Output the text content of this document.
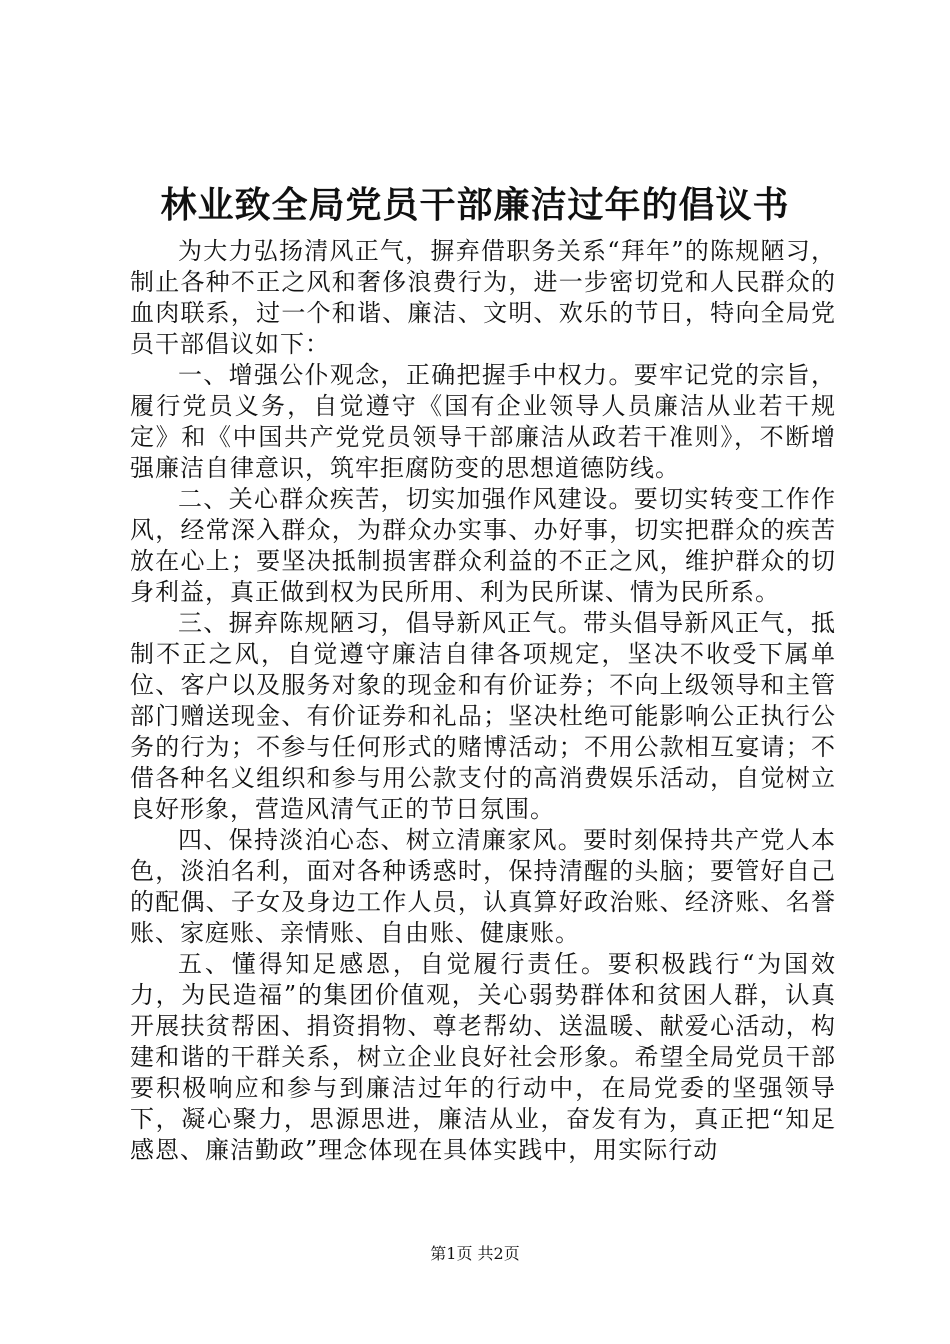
林业致全局党员干部廉洁过年的倡议书

为大力弘扬清风正气，摒弃借职务关系“拜年”的陈规陋习，制止各种不正之风和奢侈浪费行为，进一步密切党和人民群众的血肉联系，过一个和谐、廉洁、文明、欢乐的节日，特向全局党员干部倡议如下：

一、增强公仆观念，正确把握手中权力。要牢记党的宗旨，履行党员义务，自觉遵守《国有企业领导人员廉洁从业若干规定》和《中国共产党党员领导干部廉洁从政若干准则》，不断增强廉洁自律意识，筑牢拒腐防变的思想道德防线。

二、关心群众疾苦，切实加强作风建设。要切实转变工作作风，经常深入群众，为群众办实事、办好事，切实把群众的疾苦放在心上；要坚决抵制损害群众利益的不正之风，维护群众的切身利益，真正做到权为民所用、利为民所谋、情为民所系。

三、摒弃陈规陋习，倡导新风正气。带头倡导新风正气，抵制不正之风，自觉遵守廉洁自律各项规定，坚决不收受下属单位、客户以及服务对象的现金和有价证券；不向上级领导和主管部门赠送现金、有价证券和礼品；坚决杜绝可能影响公正执行公务的行为；不参与任何形式的赌博活动；不用公款相互宴请；不借各种名义组织和参与用公款支付的高消费娱乐活动，自觉树立良好形象，营造风清气正的节日氛围。

四、保持淡泊心态、树立清廉家风。要时刻保持共产党人本色，淡泊名利，面对各种诱惑时，保持清醒的头脑；要管好自己的配偶、子女及身边工作人员，认真算好政治账、经济账、名誉账、家庭账、亲情账、自由账、健康账。

五、懂得知足感恩，自觉履行责任。要积极践行“为国效力，为民造福”的集团价值观，关心弱势群体和贫困人群，认真开展扶贫帮困、捐资捐物、尊老帮幼、送温暖、献爱心活动，构建和谐的干群关系，树立企业良好社会形象。希望全局党员干部要积极响应和参与到廉洁过年的行动中，在局党委的坚强领导下，凝心聚力，思源思进，廉洁从业，奋发有为，真正把“知足感恩、廉洁勤政”理念体现在具体实践中，用实际行动

第1页 共2页
